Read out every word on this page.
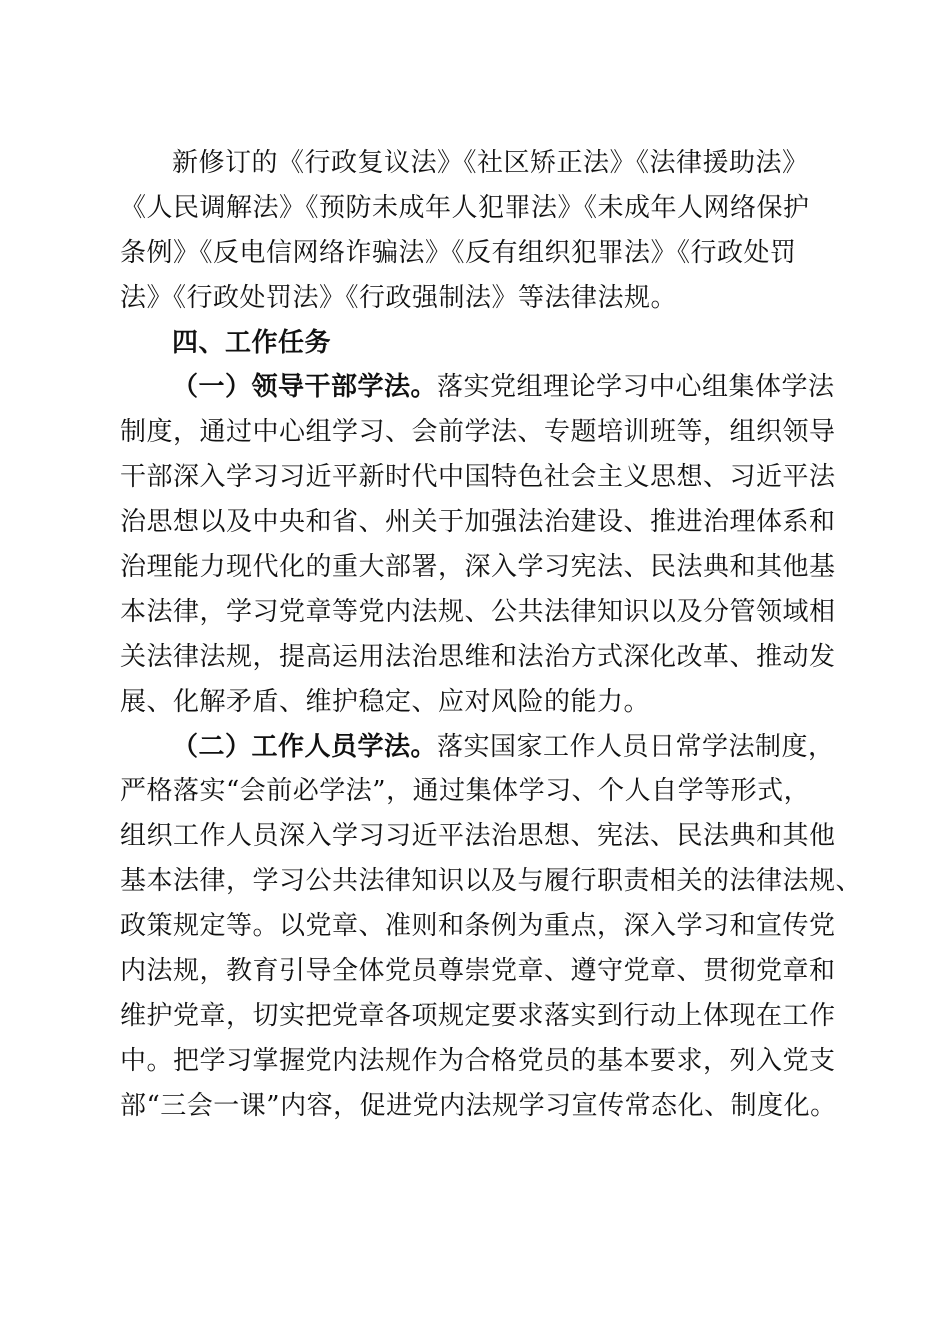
新修订的《行政复议法》《社区矫正法》《法律援助法》
《人民调解法》《预防未成年人犯罪法》《未成年人网络保护
条例》《反电信网络诈骗法》《反有组织犯罪法》《行政处罚
法》《行政处罚法》《行政强制法》等法律法规。
四、工作任务
（一）领导干部学法。落实党组理论学习中心组集体学法
制度，通过中心组学习、会前学法、专题培训班等，组织领导
干部深入学习习近平新时代中国特色社会主义思想、习近平法
治思想以及中央和省、州关于加强法治建设、推进治理体系和
治理能力现代化的重大部署，深入学习宪法、民法典和其他基
本法律，学习党章等党内法规、公共法律知识以及分管领域相
关法律法规，提高运用法治思维和法治方式深化改革、推动发
展、化解矛盾、维护稳定、应对风险的能力。
（二）工作人员学法。落实国家工作人员日常学法制度，
严格落实“会前必学法”，通过集体学习、个人自学等形式，
组织工作人员深入学习习近平法治思想、宪法、民法典和其他
基本法律，学习公共法律知识以及与履行职责相关的法律法规、
政策规定等。以党章、准则和条例为重点，深入学习和宣传党
内法规，教育引导全体党员尊崇党章、遵守党章、贯彻党章和
维护党章，切实把党章各项规定要求落实到行动上体现在工作
中。把学习掌握党内法规作为合格党员的基本要求，列入党支
部“三会一课”内容，促进党内法规学习宣传常态化、制度化。
